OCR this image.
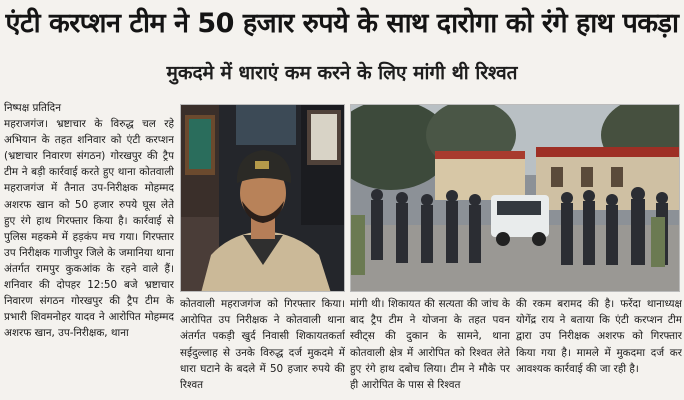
एंटी करप्शन टीम ने 50 हजार रुपये के साथ दारोगा को रंगे हाथ पकड़ा
मुकदमे में धाराएं कम करने के लिए मांगी थी रिश्वत
निष्पक्ष प्रतिदिन
महराजगंज। भ्रष्टाचार के विरुद्ध चल रहे अभियान के तहत शनिवार को एंटी करप्शन (भ्रष्टाचार निवारण संगठन) गोरखपुर की ट्रैप टीम ने बड़ी कार्रवाई करते हुए थाना कोतवाली महराजगंज में तैनात उप-निरीक्षक मोहम्मद अशरफ खान को 50 हजार रुपये घूस लेते हुए रंगे हाथ गिरफ्तार किया है। कार्रवाई से पुलिस महकमे में हड़कंप मच गया। गिरफ्तार उप निरीक्षक गाजीपुर जिले के जमानिया थाना अंतर्गत रामपुर कुकआंक के रहने वाले हैं। शनिवार की दोपहर 12:50 बजे भ्रष्टाचार निवारण संगठन गोरखपुर की ट्रैप टीम के प्रभारी शिवमनोहर यादव ने आरोपित मोहम्मद अशरफ खान, उप-निरीक्षक, थाना
कोतवाली महराजगंज को गिरफ्तार किया। आरोपित उप निरीक्षक ने कोतवाली थाना अंतर्गत पकड़ी खुर्द निवासी शिकायतकर्ता सईदुल्लाह से उनके विरुद्ध दर्ज मुकदमे में धारा घटाने के बदले में 50 हजार रुपये की रिश्वत
मांगी थी। शिकायत की सत्यता की जांच के बाद ट्रैप टीम ने योजना के तहत पवन स्वीट्स की दुकान के सामने, थाना कोतवाली क्षेत्र में आरोपित को रिश्वत लेते हुए रंगे हाथ दबोच लिया। टीम ने मौके पर ही आरोपित के पास से रिश्वत
की रकम बरामद की है। फरेंदा थानाध्यक्ष योगेंद्र राय ने बताया कि एंटी करप्शन टीम द्वारा उप निरीक्षक अशरफ को गिरफ्तार किया गया है। मामले में मुकदमा दर्ज कर आवश्यक कार्रवाई की जा रही है।
